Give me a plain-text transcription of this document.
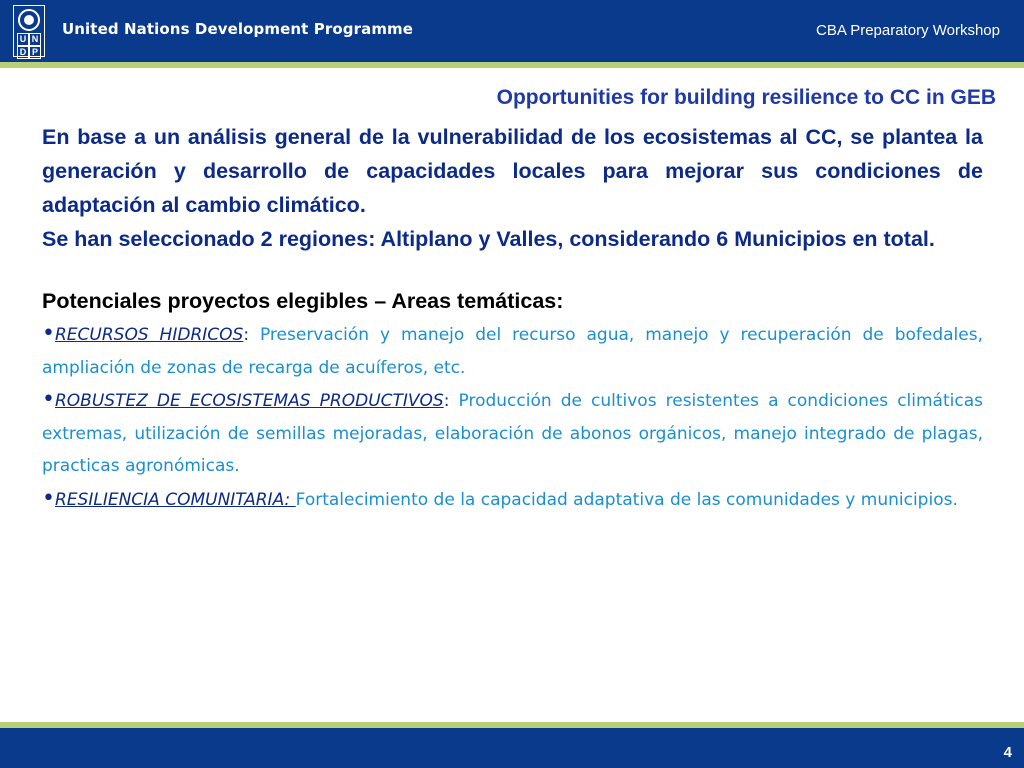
U N
D P
United Nations Development Programme	CBA Preparatory Workshop
Opportunities for building resilience to CC in GEB

En base a un análisis general de la vulnerabilidad de los ecosistemas al CC, se plantea la generación y desarrollo de capacidades locales para mejorar sus condiciones de adaptación al cambio climático.

Se han seleccionado 2 regiones: Altiplano y Valles, considerando 6 Municipios en total.

Potenciales proyectos elegibles – Areas temáticas:
•RECURSOS HIDRICOS: Preservación y manejo del recurso agua, manejo y recuperación de bofedales, ampliación de zonas de recarga de acuíferos, etc.
•ROBUSTEZ DE ECOSISTEMAS PRODUCTIVOS: Producción de cultivos resistentes a condiciones climáticas extremas, utilización de semillas mejoradas, elaboración de abonos orgánicos, manejo integrado de plagas, practicas agronómicas.
•RESILIENCIA COMUNITARIA: Fortalecimiento de la capacidad adaptativa de las comunidades y municipios.
4
